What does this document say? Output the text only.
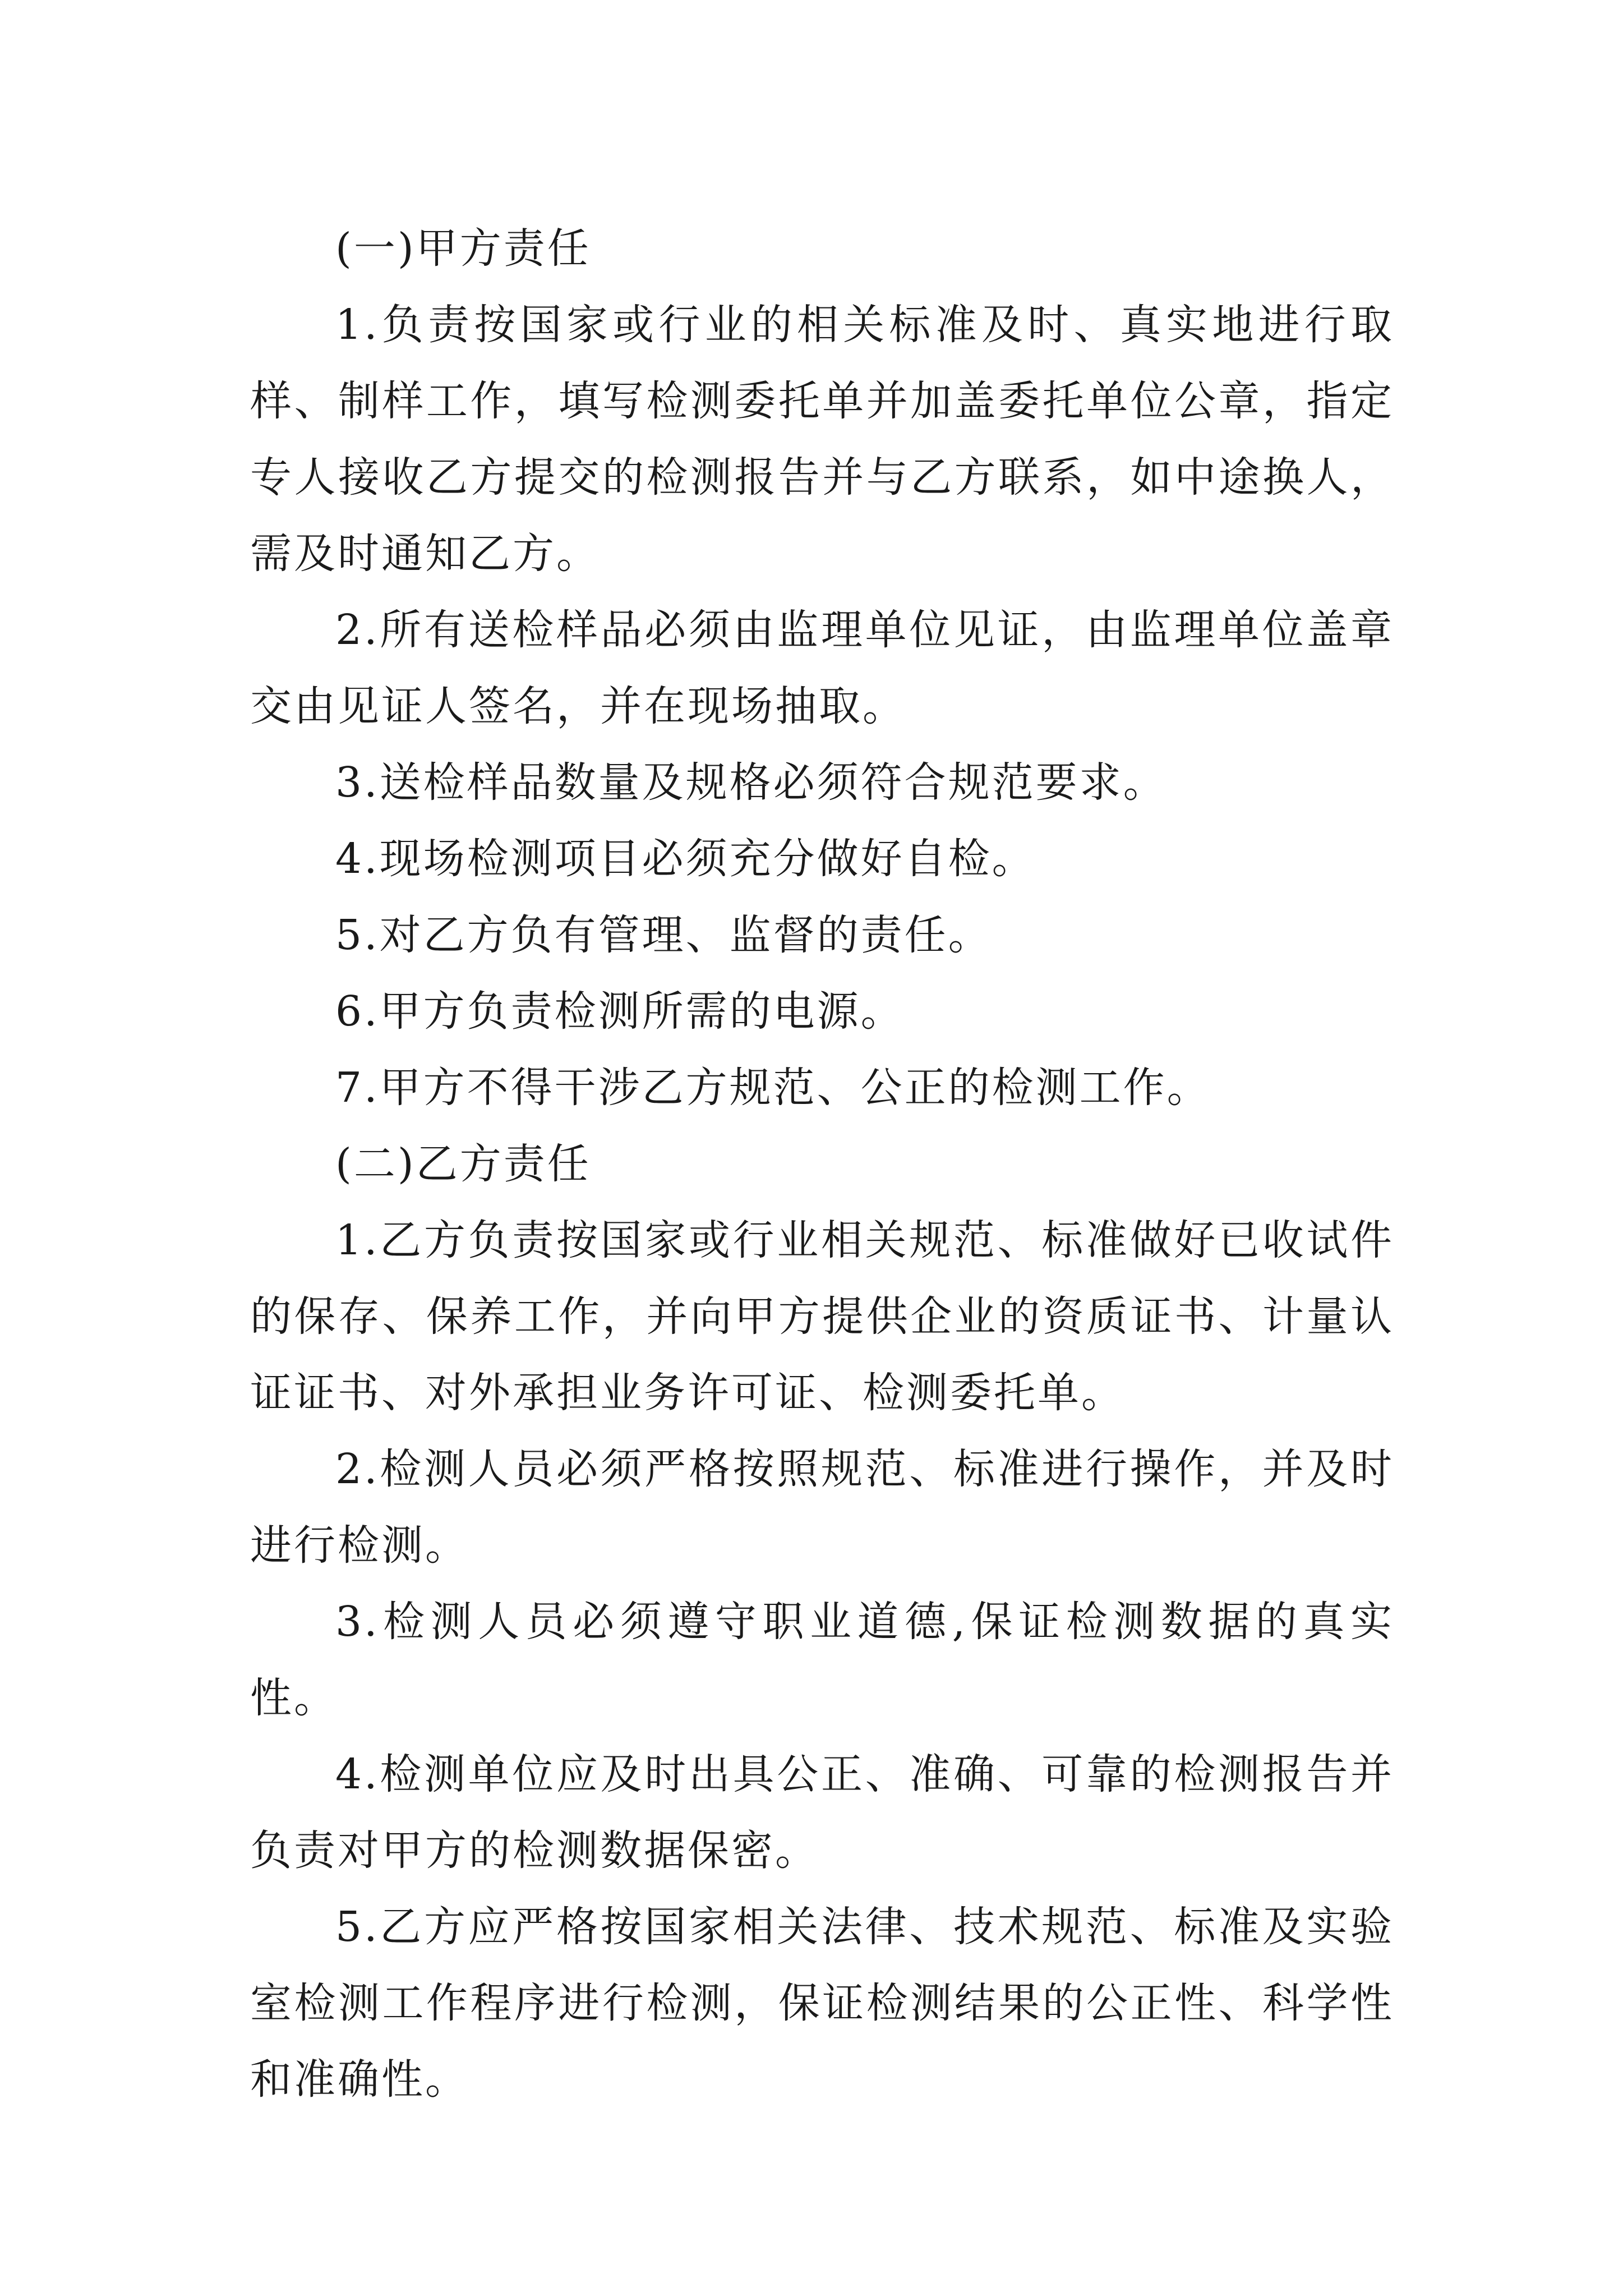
(一)甲方责任

1.负责按国家或行业的相关标准及时、真实地进行取样、制样工作，填写检测委托单并加盖委托单位公章，指定专人接收乙方提交的检测报告并与乙方联系，如中途换人，需及时通知乙方。

2.所有送检样品必须由监理单位见证，由监理单位盖章交由见证人签名，并在现场抽取。

3.送检样品数量及规格必须符合规范要求。

4.现场检测项目必须充分做好自检。

5.对乙方负有管理、监督的责任。

6.甲方负责检测所需的电源。

7.甲方不得干涉乙方规范、公正的检测工作。

(二)乙方责任

1.乙方负责按国家或行业相关规范、标准做好已收试件的保存、保养工作，并向甲方提供企业的资质证书、计量认证证书、对外承担业务许可证、检测委托单。

2.检测人员必须严格按照规范、标准进行操作，并及时进行检测。

3.检测人员必须遵守职业道德,保证检测数据的真实性。

4.检测单位应及时出具公正、准确、可靠的检测报告并负责对甲方的检测数据保密。

5.乙方应严格按国家相关法律、技术规范、标准及实验室检测工作程序进行检测，保证检测结果的公正性、科学性和准确性。
